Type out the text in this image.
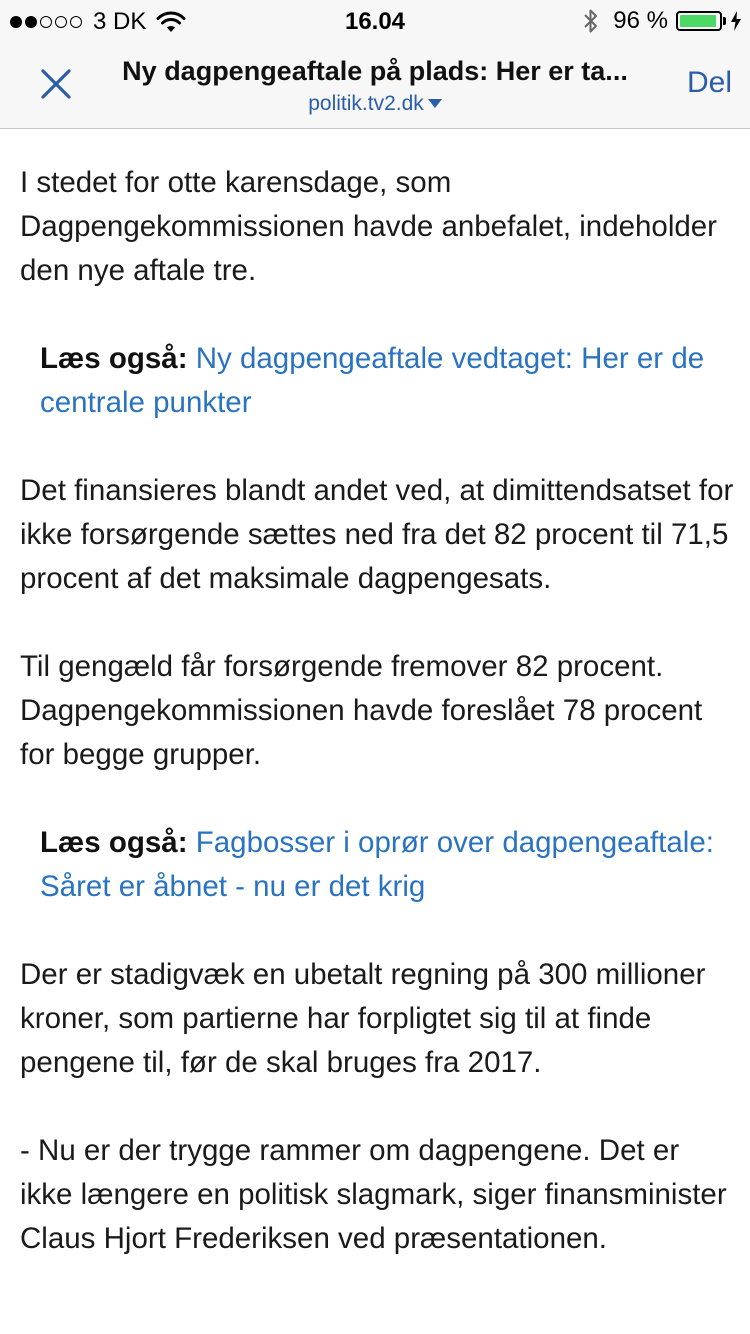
3 DK	16.04	96 %
Ny dagpengeaftale på plads: Her er ta...
politik.tv2.dk
Del

I stedet for otte karensdage, som Dagpengekommissionen havde anbefalet, indeholder den nye aftale tre.

Læs også: Ny dagpengeaftale vedtaget: Her er de centrale punkter

Det finansieres blandt andet ved, at dimittendsatset for ikke forsørgende sættes ned fra det 82 procent til 71,5 procent af det maksimale dagpengesats.

Til gengæld får forsørgende fremover 82 procent. Dagpengekommissionen havde foreslået 78 procent for begge grupper.

Læs også: Fagbosser i oprør over dagpengeaftale: Såret er åbnet - nu er det krig

Der er stadigvæk en ubetalt regning på 300 millioner kroner, som partierne har forpligtet sig til at finde pengene til, før de skal bruges fra 2017.

- Nu er der trygge rammer om dagpengene. Det er ikke længere en politisk slagmark, siger finansminister Claus Hjort Frederiksen ved præsentationen.
